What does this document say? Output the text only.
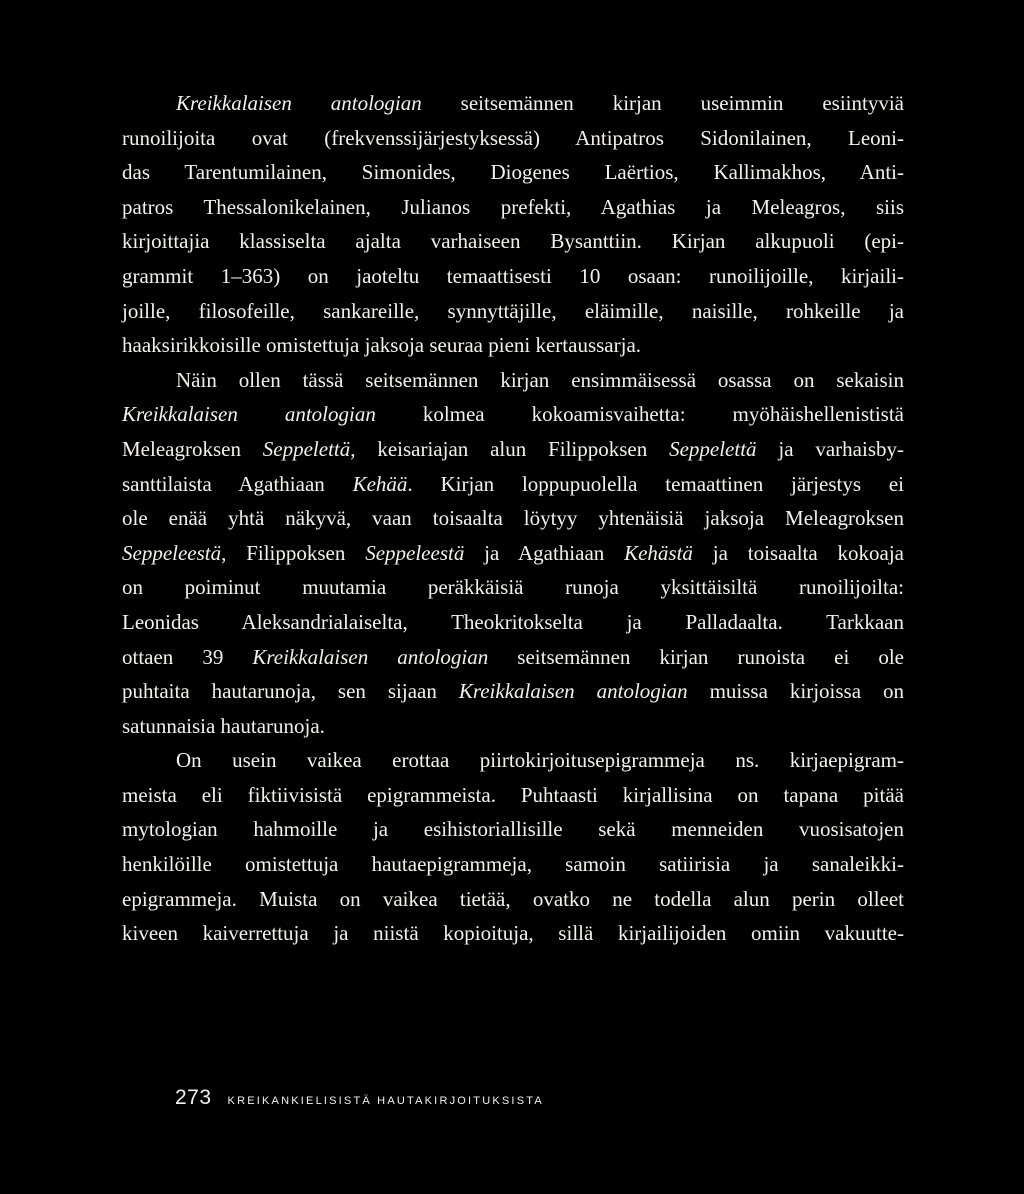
Kreikkalaisen antologian seitsemännen kirjan useimmin esiintyviä
runoilijoita ovat (frekvenssijärjestyksessä) Antipatros Sidonilainen, Leoni-
das Tarentumilainen, Simonides, Diogenes Laërtios, Kallimakhos, Anti-
patros Thessalonikelainen, Julianos prefekti, Agathias ja Meleagros, siis
kirjoittajia klassiselta ajalta varhaiseen Bysanttiin. Kirjan alkupuoli (epi-
grammit 1–363) on jaoteltu temaattisesti 10 osaan: runoilijoille, kirjaili-
joille, filosofeille, sankareille, synnyttäjille, eläimille, naisille, rohkeille ja
haaksirikkoisille omistettuja jaksoja seuraa pieni kertaussarja.
Näin ollen tässä seitsemännen kirjan ensimmäisessä osassa on sekaisin
Kreikkalaisen antologian kolmea kokoamisvaihetta: myöhäishellenististä
Meleagroksen Seppelettä, keisariajan alun Filippoksen Seppelettä ja varhaisby-
santtilaista Agathiaan Kehää. Kirjan loppupuolella temaattinen järjestys ei
ole enää yhtä näkyvä, vaan toisaalta löytyy yhtenäisiä jaksoja Meleagroksen
Seppeleestä, Filippoksen Seppeleestä ja Agathiaan Kehästä ja toisaalta kokoaja
on poiminut muutamia peräkkäisiä runoja yksittäisiltä runoilijoilta:
Leonidas Aleksandrialaiselta, Theokritokselta ja Palladaalta. Tarkkaan
ottaen 39 Kreikkalaisen antologian seitsemännen kirjan runoista ei ole
puhtaita hautarunoja, sen sijaan Kreikkalaisen antologian muissa kirjoissa on
satunnaisia hautarunoja.
On usein vaikea erottaa piirtokirjoitusepigrammeja ns. kirjaepigram-
meista eli fiktiivisistä epigrammeista. Puhtaasti kirjallisina on tapana pitää
mytologian hahmoille ja esihistoriallisille sekä menneiden vuosisatojen
henkilöille omistettuja hautaepigrammeja, samoin satiirisia ja sanaleikki-
epigrammeja. Muista on vaikea tietää, ovatko ne todella alun perin olleet
kiveen kaiverrettuja ja niistä kopioituja, sillä kirjailijoiden omiin vakuutte-
273 KREIKANKIELISISTÄ HAUTAKIRJOITUKSISTA
